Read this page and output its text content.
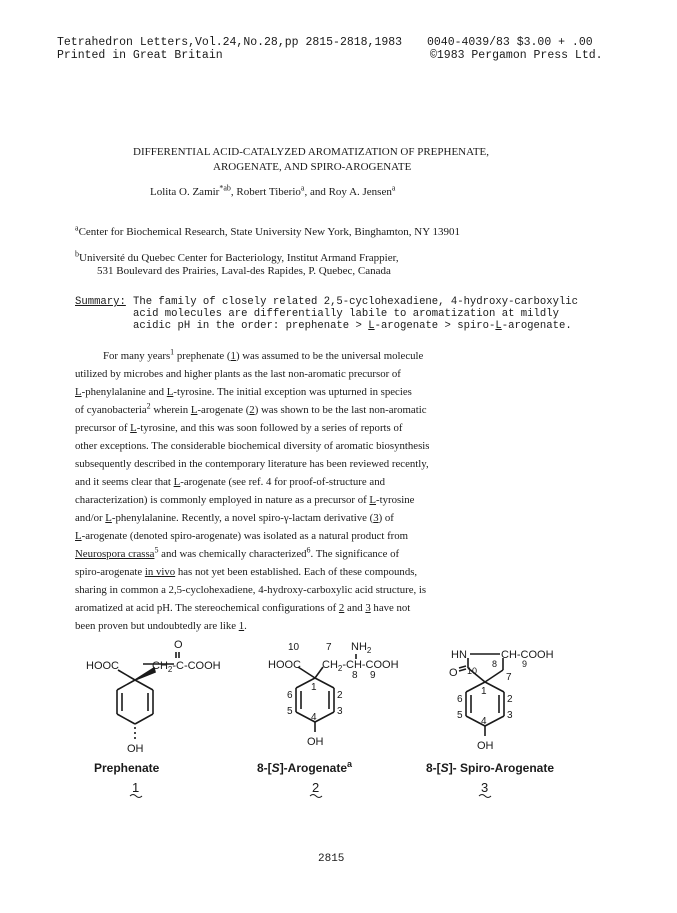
Tetrahedron Letters,Vol.24,No.28,pp 2815-2818,1983 0040-4039/83 $3.00 + .00
Printed in Great Britain	©1983 Pergamon Press Ltd.
DIFFERENTIAL ACID-CATALYZED AROMATIZATION OF PREPHENATE,
AROGENATE, AND SPIRO-AROGENATE
Lolita O. Zamir$^{*ab}$, Robert Tiberio$^a$, and Roy A. Jensen$^a$
$^a$Center for Biochemical Research, State University New York, Binghamton, NY 13901
$^b$Université du Quebec Center for Bacteriology, Institut Armand Frappier,
531 Boulevard des Prairies, Laval-des Rapides, P. Quebec, Canada
Summary: The family of closely related 2,5-cyclohexadiene, 4-hydroxy-carboxylic
acid molecules are differentially labile to aromatization at mildly
acidic pH in the order: prephenate > L-arogenate > spiro-L-arogenate.
For many years$^1$ prephenate (1) was assumed to be the universal molecule
utilized by microbes and higher plants as the last non-aromatic precursor of
L-phenylalanine and L-tyrosine. The initial exception was upturned in species
of cyanobacteria$^2$ wherein L-arogenate (2) was shown to be the last non-aromatic
precursor of L-tyrosine, and this was soon followed by a series of reports of
other exceptions. The considerable biochemical diversity of aromatic biosynthesis
subsequently described in the contemporary literature has been reviewed recently,
and it seems clear that L-arogenate (see ref. 4 for proof-of-structure and
characterization) is commonly employed in nature as a precursor of L-tyrosine
and/or L-phenylalanine. Recently, a novel spiro-γ-lactam derivative (3) of
L-arogenate (denoted spiro-arogenate) was isolated as a natural product from
Neurospora crassa$^5$ and was chemically characterized$^6$. The significance of
spiro-arogenate in vivo has not yet been established. Each of these compounds,
sharing in common a 2,5-cyclohexadiene, 4-hydroxy-carboxylic acid structure, is
aromatized at acid pH. The stereochemical configurations of 2 and 3 have not
been proven but undoubtedly are like 1.
O
HOOC	$CH_2-C$-COOH
OH
Prephenate
1
10	7 $NH_2$
HOOC $CH_2-CH$-COOH
8 9
1
2
3
4
5
6
OH
8-[S]-Arogenate$^a$
2
HN	CH-COOH
8	9
10
O	7
1
2
3
4
5
6
OH
8-[S]- Spiro-Arogenate
3
2815
